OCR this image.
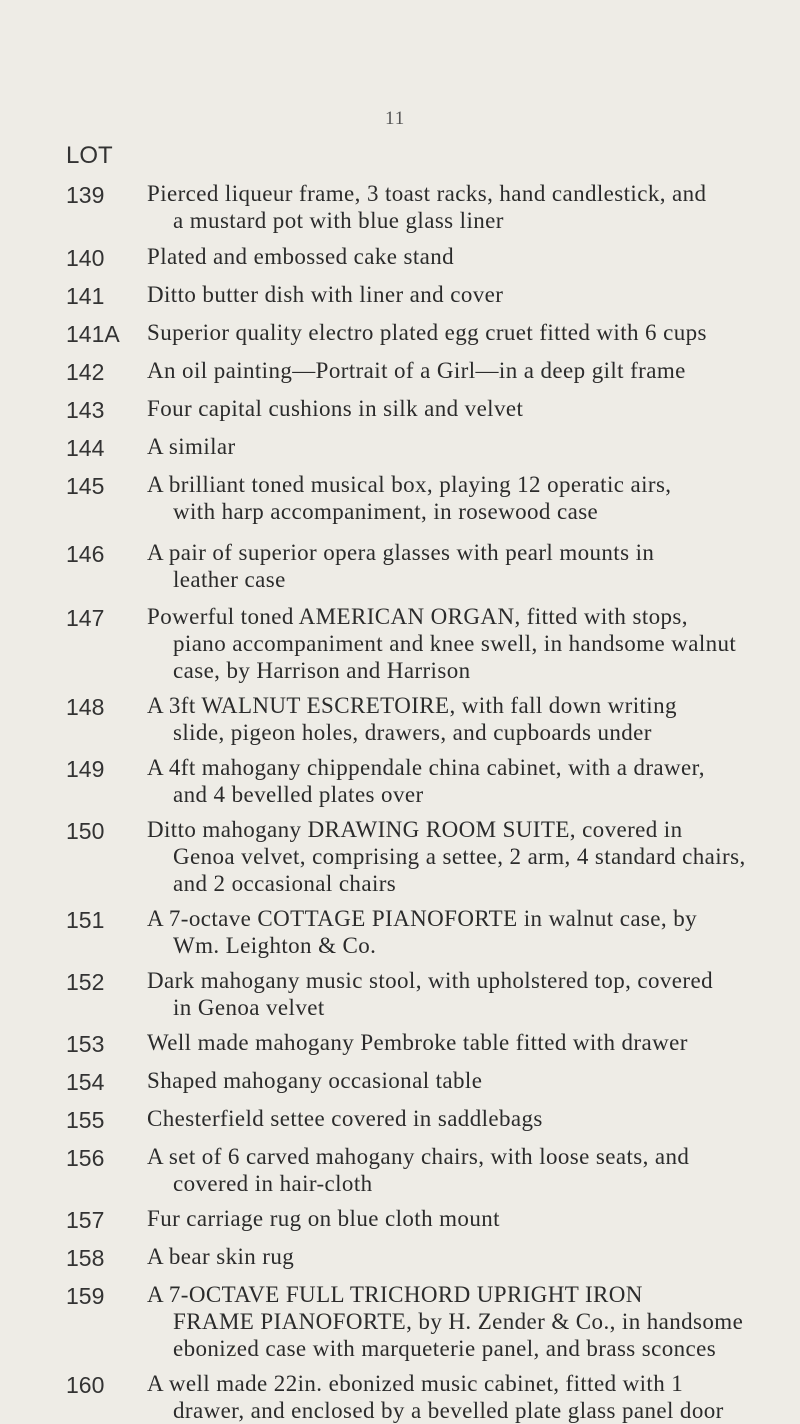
11
LOT
139 Pierced liqueur frame, 3 toast racks, hand candlestick, and
a mustard pot with blue glass liner
140 Plated and embossed cake stand
141 Ditto butter dish with liner and cover
141A Superior quality electro plated egg cruet fitted with 6 cups
142 An oil painting—Portrait of a Girl—in a deep gilt frame
143 Four capital cushions in silk and velvet
144 A similar
145 A brilliant toned musical box, playing 12 operatic airs,
with harp accompaniment, in rosewood case
146 A pair of superior opera glasses with pearl mounts in
leather case
147 Powerful toned AMERICAN ORGAN, fitted with stops,
piano accompaniment and knee swell, in handsome walnut case, by Harrison and Harrison
148 A 3ft WALNUT ESCRETOIRE, with fall down writing
slide, pigeon holes, drawers, and cupboards under
149 A 4ft mahogany chippendale china cabinet, with a drawer,
and 4 bevelled plates over
150 Ditto mahogany DRAWING ROOM SUITE, covered in
Genoa velvet, comprising a settee, 2 arm, 4 standard chairs, and 2 occasional chairs
151 A 7-octave COTTAGE PIANOFORTE in walnut case, by
Wm. Leighton & Co.
152 Dark mahogany music stool, with upholstered top, covered
in Genoa velvet
153 Well made mahogany Pembroke table fitted with drawer
154 Shaped mahogany occasional table
155 Chesterfield settee covered in saddlebags
156 A set of 6 carved mahogany chairs, with loose seats, and
covered in hair-cloth
157 Fur carriage rug on blue cloth mount
158 A bear skin rug
159 A 7-OCTAVE FULL TRICHORD UPRIGHT IRON
FRAME PIANOFORTE, by H. Zender & Co., in handsome ebonized case with marqueterie panel, and brass sconces
160 A well made 22in. ebonized music cabinet, fitted with 1
drawer, and enclosed by a bevelled plate glass panel door
